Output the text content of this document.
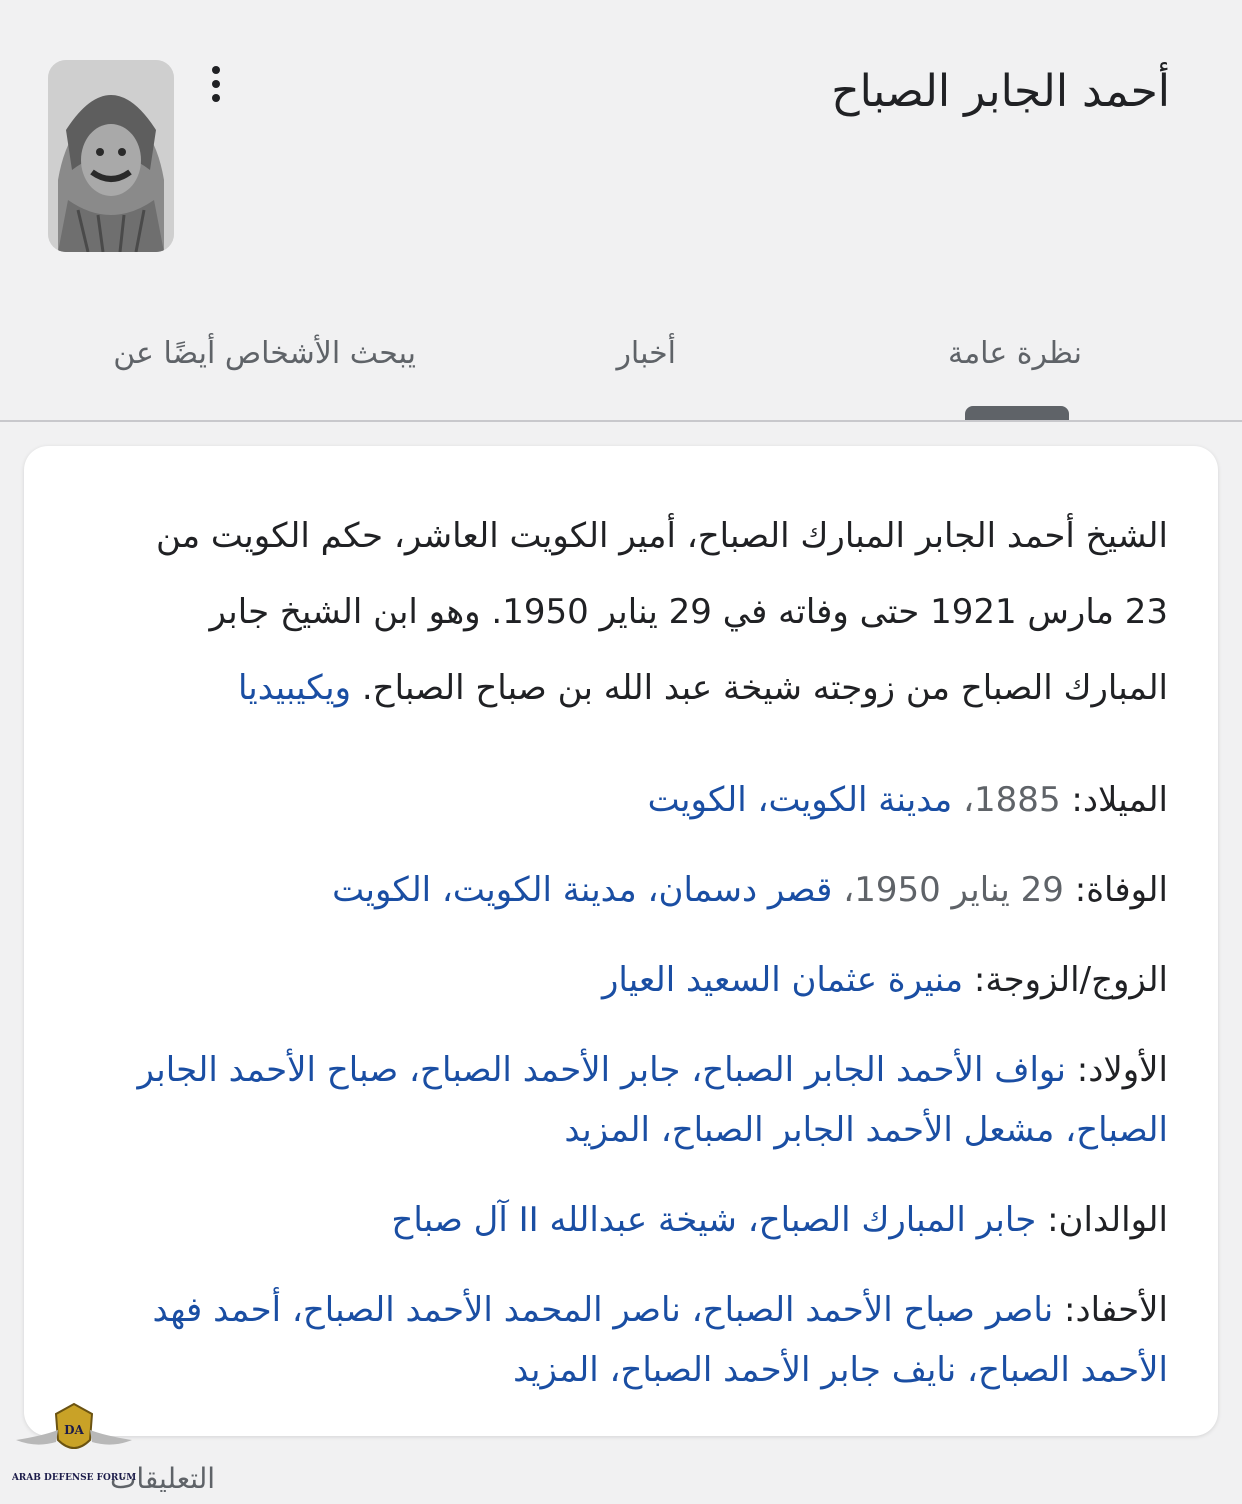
أحمد الجابر الصباح
نظرة عامة
أخبار
يبحث الأشخاص أيضًا عن
الشيخ أحمد الجابر المبارك الصباح، أمير الكويت العاشر، حكم الكويت من 23 مارس 1921 حتى وفاته في 29 يناير 1950. وهو ابن الشيخ جابر المبارك الصباح من زوجته شيخة عبد الله بن صباح الصباح. ويكيبيديا
الميلاد: 1885، مدينة الكويت، الكويت
الوفاة: 29 يناير 1950، قصر دسمان، مدينة الكويت، الكويت
الزوج/الزوجة: منيرة عثمان السعيد العيار
الأولاد: نواف الأحمد الجابر الصباح، جابر الأحمد الصباح، صباح الأحمد الجابر الصباح، مشعل الأحمد الجابر الصباح، المزيد
الوالدان: جابر المبارك الصباح، شيخة عبدالله II آل صباح
الأحفاد: ناصر صباح الأحمد الصباح، ناصر المحمد الأحمد الصباح، أحمد فهد الأحمد الصباح، نايف جابر الأحمد الصباح، المزيد
التعليقات
DA
ARAB DEFENSE FORUM
